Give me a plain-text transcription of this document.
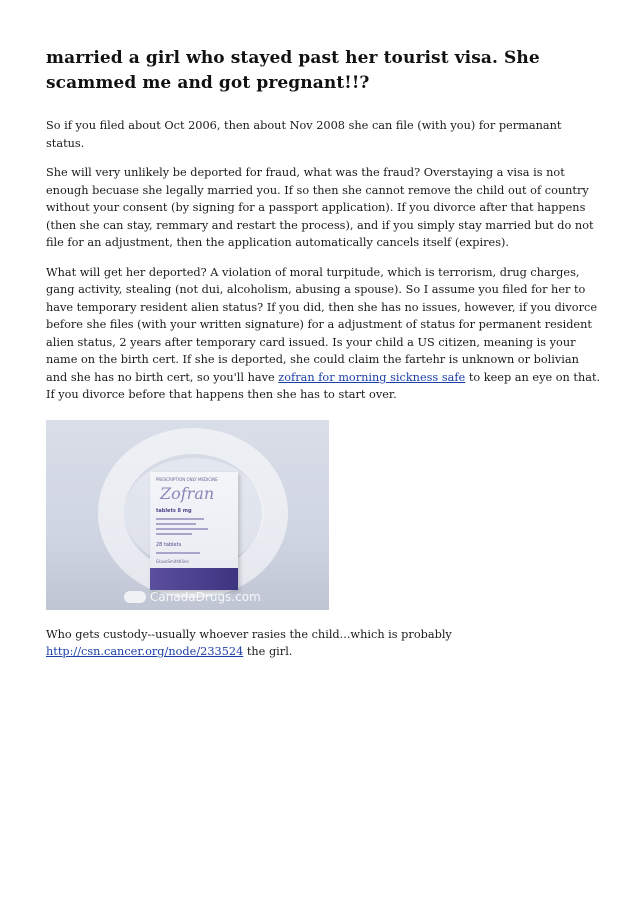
married a girl who stayed past her tourist visa. She scammed me and got pregnant!!?

So if you filed about Oct 2006, then about Nov 2008 she can file (with you) for permanant status.

She will very unlikely be deported for fraud, what was the fraud? Overstaying a visa is not enough becuase she legally married you. If so then she cannot remove the child out of country without your consent (by signing for a passport application). If you divorce after that happens (then she can stay, remmary and restart the process), and if you simply stay married but do not file for an adjustment, then the application automatically cancels itself (expires).

What will get her deported? A violation of moral turpitude, which is terrorism, drug charges, gang activity, stealing (not dui, alcoholism, abusing a spouse). So I assume you filed for her to have temporary resident alien status? If you did, then she has no issues, however, if you divorce before she files (with your written signature) for a adjustment of status for permanent resident alien status, 2 years after temporary card issued. Is your child a US citizen, meaning is your name on the birth cert. If she is deported, she could claim the fartehr is unknown or bolivian and she has no birth cert, so you'll have zofran for morning sickness safe to keep an eye on that. If you divorce before that happens then she has to start over.

PRESCRIPTION ONLY MEDICINE
Zofran
tablets 8 mg
28 tablets
GlaxoSmithKline
CanadaDrugs.com

Who gets custody--usually whoever rasies the child...which is probably http://csn.cancer.org/node/233524 the girl.
